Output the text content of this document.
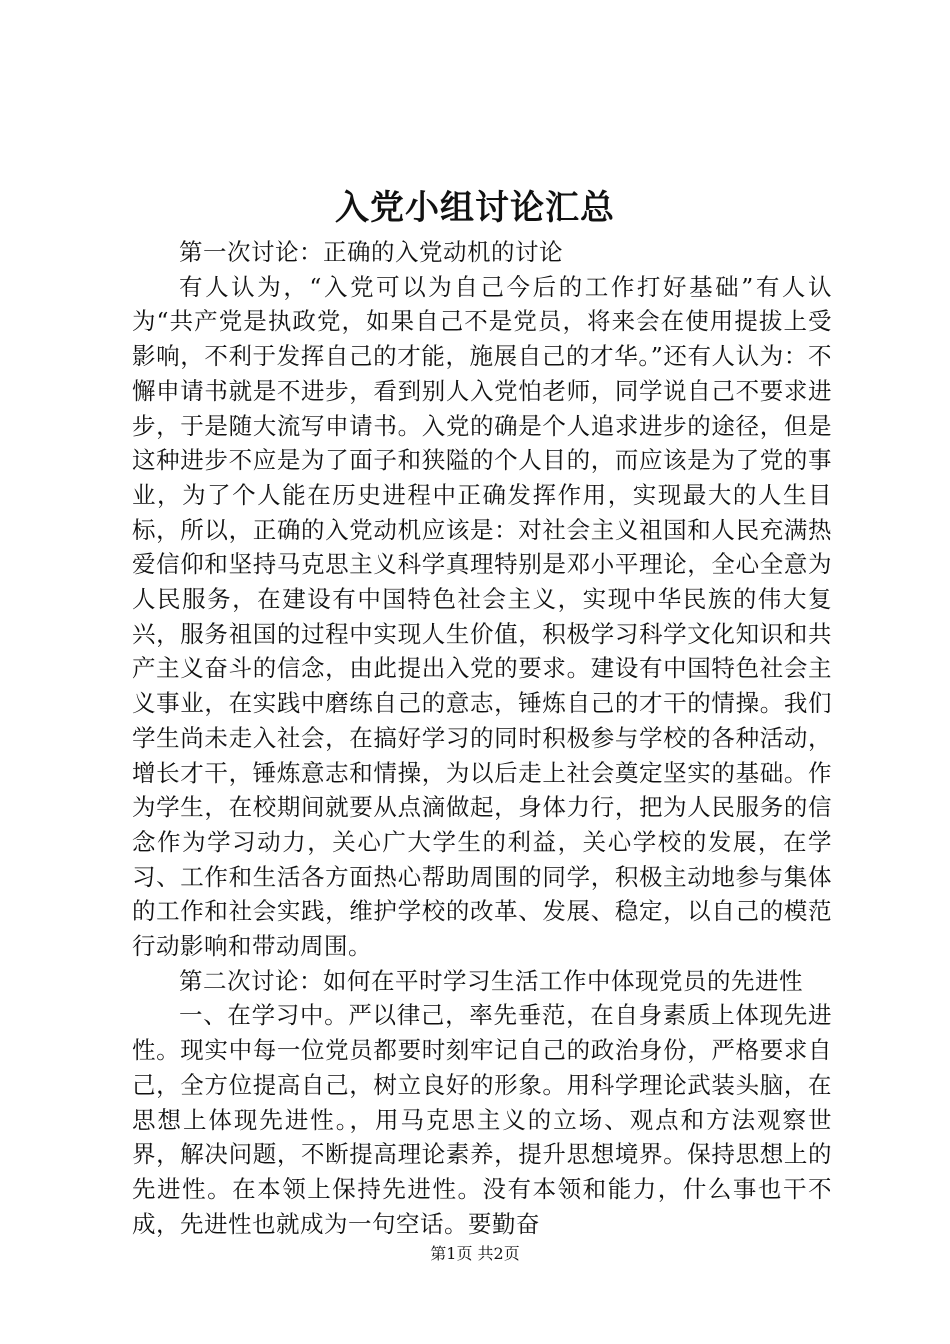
入党小组讨论汇总

第一次讨论：正确的入党动机的讨论

有人认为，“入党可以为自己今后的工作打好基础”有人认为“共产党是执政党，如果自己不是党员，将来会在使用提拔上受影响，不利于发挥自己的才能，施展自己的才华。”还有人认为：不懈申请书就是不进步，看到别人入党怕老师，同学说自己不要求进步，于是随大流写申请书。入党的确是个人追求进步的途径，但是这种进步不应是为了面子和狭隘的个人目的，而应该是为了党的事业，为了个人能在历史进程中正确发挥作用，实现最大的人生目标，所以，正确的入党动机应该是：对社会主义祖国和人民充满热爱信仰和坚持马克思主义科学真理特别是邓小平理论，全心全意为人民服务，在建设有中国特色社会主义，实现中华民族的伟大复兴，服务祖国的过程中实现人生价值，积极学习科学文化知识和共产主义奋斗的信念，由此提出入党的要求。建设有中国特色社会主义事业，在实践中磨练自己的意志，锤炼自己的才干的情操。我们学生尚未走入社会，在搞好学习的同时积极参与学校的各种活动，增长才干，锤炼意志和情操，为以后走上社会奠定坚实的基础。作为学生，在校期间就要从点滴做起，身体力行，把为人民服务的信念作为学习动力，关心广大学生的利益，关心学校的发展，在学习、工作和生活各方面热心帮助周围的同学，积极主动地参与集体的工作和社会实践，维护学校的改革、发展、稳定，以自己的模范行动影响和带动周围。

第二次讨论：如何在平时学习生活工作中体现党员的先进性

一、在学习中。严以律己，率先垂范，在自身素质上体现先进性。现实中每一位党员都要时刻牢记自己的政治身份，严格要求自己，全方位提高自己，树立良好的形象。用科学理论武装头脑，在思想上体现先进性。，用马克思主义的立场、观点和方法观察世界，解决问题，不断提高理论素养，提升思想境界。保持思想上的先进性。在本领上保持先进性。没有本领和能力，什么事也干不成，先进性也就成为一句空话。要勤奋

第1页 共2页
